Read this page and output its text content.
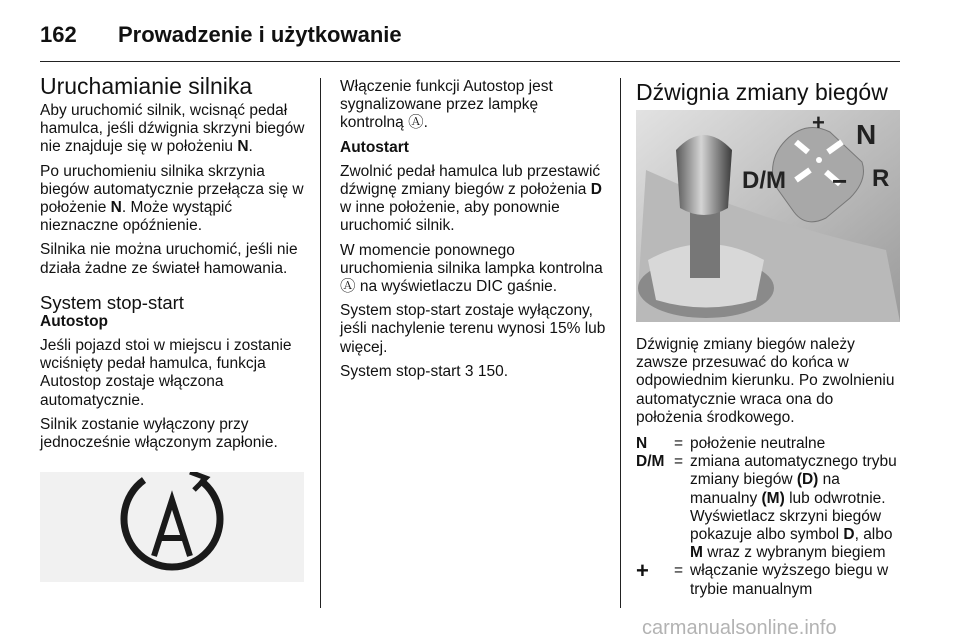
162 Prowadzenie i użytkowanie
Uruchamianie silnika

Aby uruchomić silnik, wcisnąć pedał hamulca, jeśli dźwignia skrzyni biegów nie znajduje się w położeniu N.

Po uruchomieniu silnika skrzynia biegów automatycznie przełącza się w położenie N. Może wystąpić nieznaczne opóźnienie.

Silnika nie można uruchomić, jeśli nie działa żadne ze świateł hamowania.

System stop-start

Autostop

Jeśli pojazd stoi w miejscu i zostanie wciśnięty pedał hamulca, funkcja Autostop zostaje włączona automatycznie.

Silnik zostanie wyłączony przy jednocześnie włączonym zapłonie.

Włączenie funkcji Autostop jest sygnalizowane przez lampkę kontrolną Ⓐ.

Autostart

Zwolnić pedał hamulca lub przestawić dźwignę zmiany biegów z położenia D w inne położenie, aby ponownie uruchomić silnik.

W momencie ponownego uruchomienia silnika lampka kontrolna Ⓐ na wyświetlaczu DIC gaśnie.

System stop-start zostaje wyłączony, jeśli nachylenie terenu wynosi 15% lub więcej.

System stop-start 3 150.

Dźwignia zmiany biegów
+ N
D/M	R
−

Dźwignię zmiany biegów należy zawsze przesuwać do końca w odpowiednim kierunku. Po zwolnieniu automatycznie wraca ona do położenia środkowego.

N	= położenie neutralne
D/M = zmiana automatycznego trybu zmiany biegów (D) na manualny (M) lub odwrotnie. Wyświetlacz skrzyni biegów pokazuje albo symbol D, albo M wraz z wybranym biegiem
+	= włączanie wyższego biegu w trybie manualnym
carmanualsonline.info
